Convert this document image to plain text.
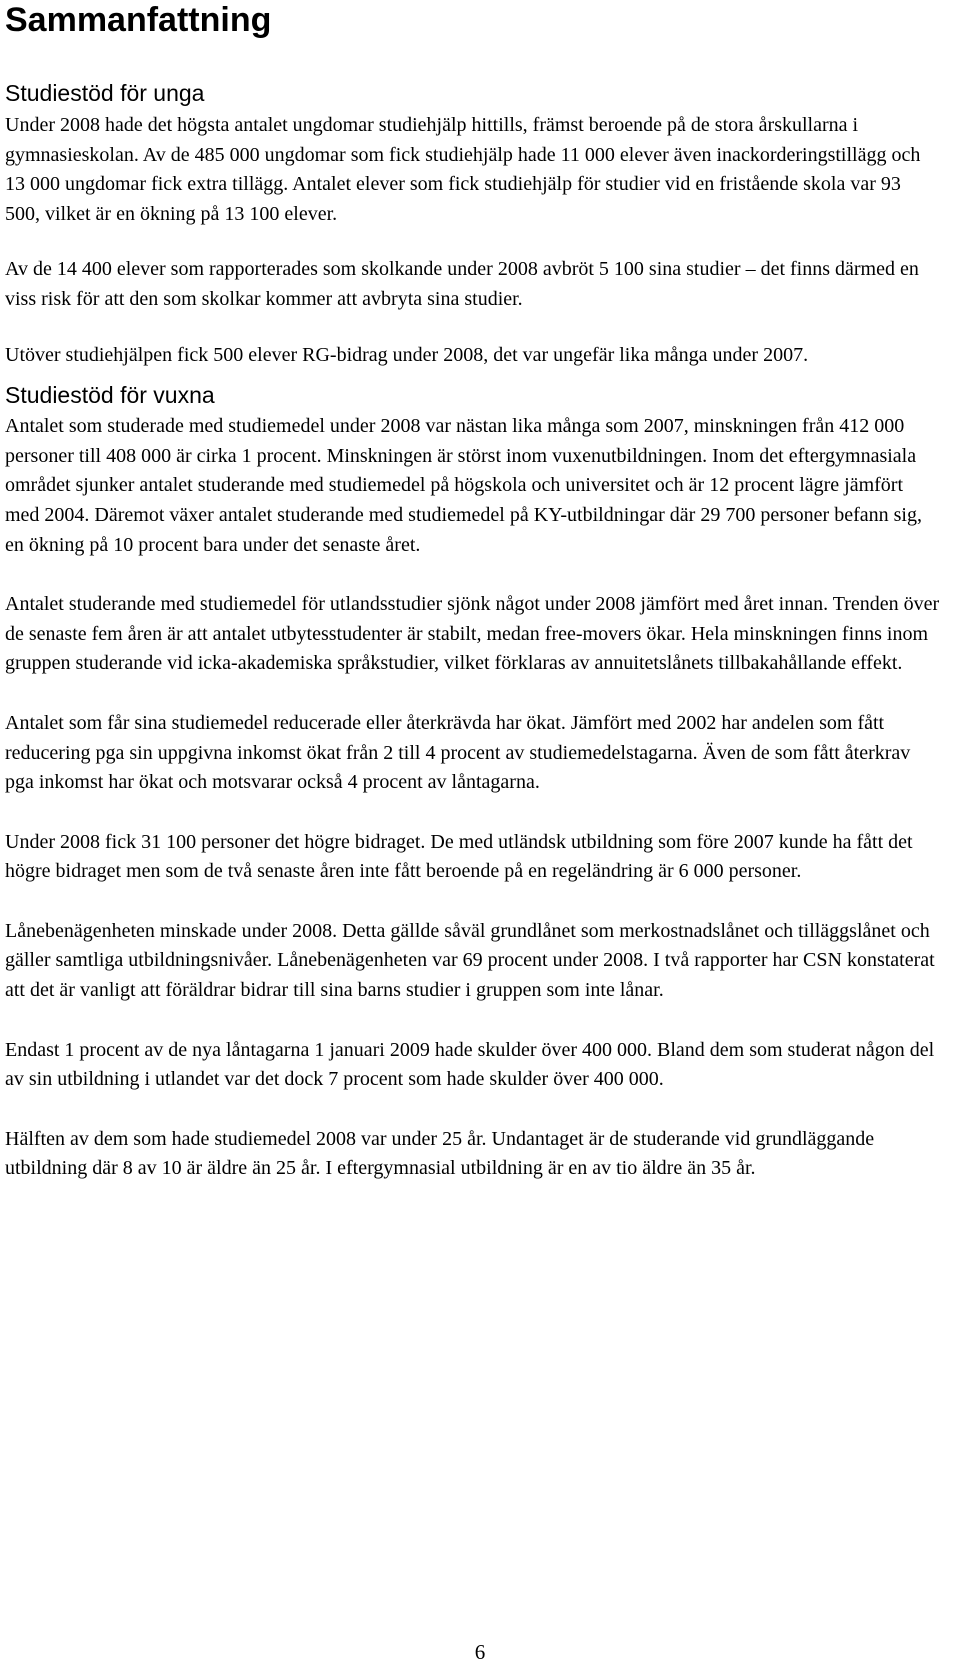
Sammanfattning
Studiestöd för unga

Under 2008 hade det högsta antalet ungdomar studiehjälp hittills, främst beroende på de stora årskullarna i gymnasieskolan. Av de 485 000 ungdomar som fick studiehjälp hade 11 000 elever även inackorderingstillägg och 13 000 ungdomar fick extra tillägg. Antalet elever som fick studiehjälp för studier vid en fristående skola var 93 500, vilket är en ökning på 13 100 elever.

Av de 14 400 elever som rapporterades som skolkande under 2008 avbröt 5 100 sina studier – det finns därmed en viss risk för att den som skolkar kommer att avbryta sina studier.

Utöver studiehjälpen fick 500 elever RG-bidrag under 2008, det var ungefär lika många under 2007.

Studiestöd för vuxna

Antalet som studerade med studiemedel under 2008 var nästan lika många som 2007, minskningen från 412 000 personer till 408 000 är cirka 1 procent. Minskningen är störst inom vuxenutbildningen. Inom det eftergymnasiala området sjunker antalet studerande med studiemedel på högskola och universitet och är 12 procent lägre jämfört med 2004. Däremot växer antalet studerande med studiemedel på KY-utbildningar där 29 700 personer befann sig, en ökning på 10 procent bara under det senaste året.

Antalet studerande med studiemedel för utlandsstudier sjönk något under 2008 jämfört med året innan. Trenden över de senaste fem åren är att antalet utbytesstudenter är stabilt, medan free-movers ökar. Hela minskningen finns inom gruppen studerande vid icka-akademiska språkstudier, vilket förklaras av annuitetslånets tillbakahållande effekt.

Antalet som får sina studiemedel reducerade eller återkrävda har ökat. Jämfört med 2002 har andelen som fått reducering pga sin uppgivna inkomst ökat från 2 till 4 procent av studiemedelstagarna. Även de som fått återkrav pga inkomst har ökat och motsvarar också 4 procent av låntagarna.

Under 2008 fick 31 100 personer det högre bidraget. De med utländsk utbildning som före 2007 kunde ha fått det högre bidraget men som de två senaste åren inte fått beroende på en regeländring är 6 000 personer.

Lånebenägenheten minskade under 2008. Detta gällde såväl grundlånet som merkostnadslånet och tilläggslånet och gäller samtliga utbildningsnivåer. Lånebenägenheten var 69 procent under 2008. I två rapporter har CSN konstaterat att det är vanligt att föräldrar bidrar till sina barns studier i gruppen som inte lånar.

Endast 1 procent av de nya låntagarna 1 januari 2009 hade skulder över 400 000. Bland dem som studerat någon del av sin utbildning i utlandet var det dock 7 procent som hade skulder över 400 000.

Hälften av dem som hade studiemedel 2008 var under 25 år. Undantaget är de studerande vid grundläggande utbildning där 8 av 10 är äldre än 25 år. I eftergymnasial utbildning är en av tio äldre än 35 år.

6
